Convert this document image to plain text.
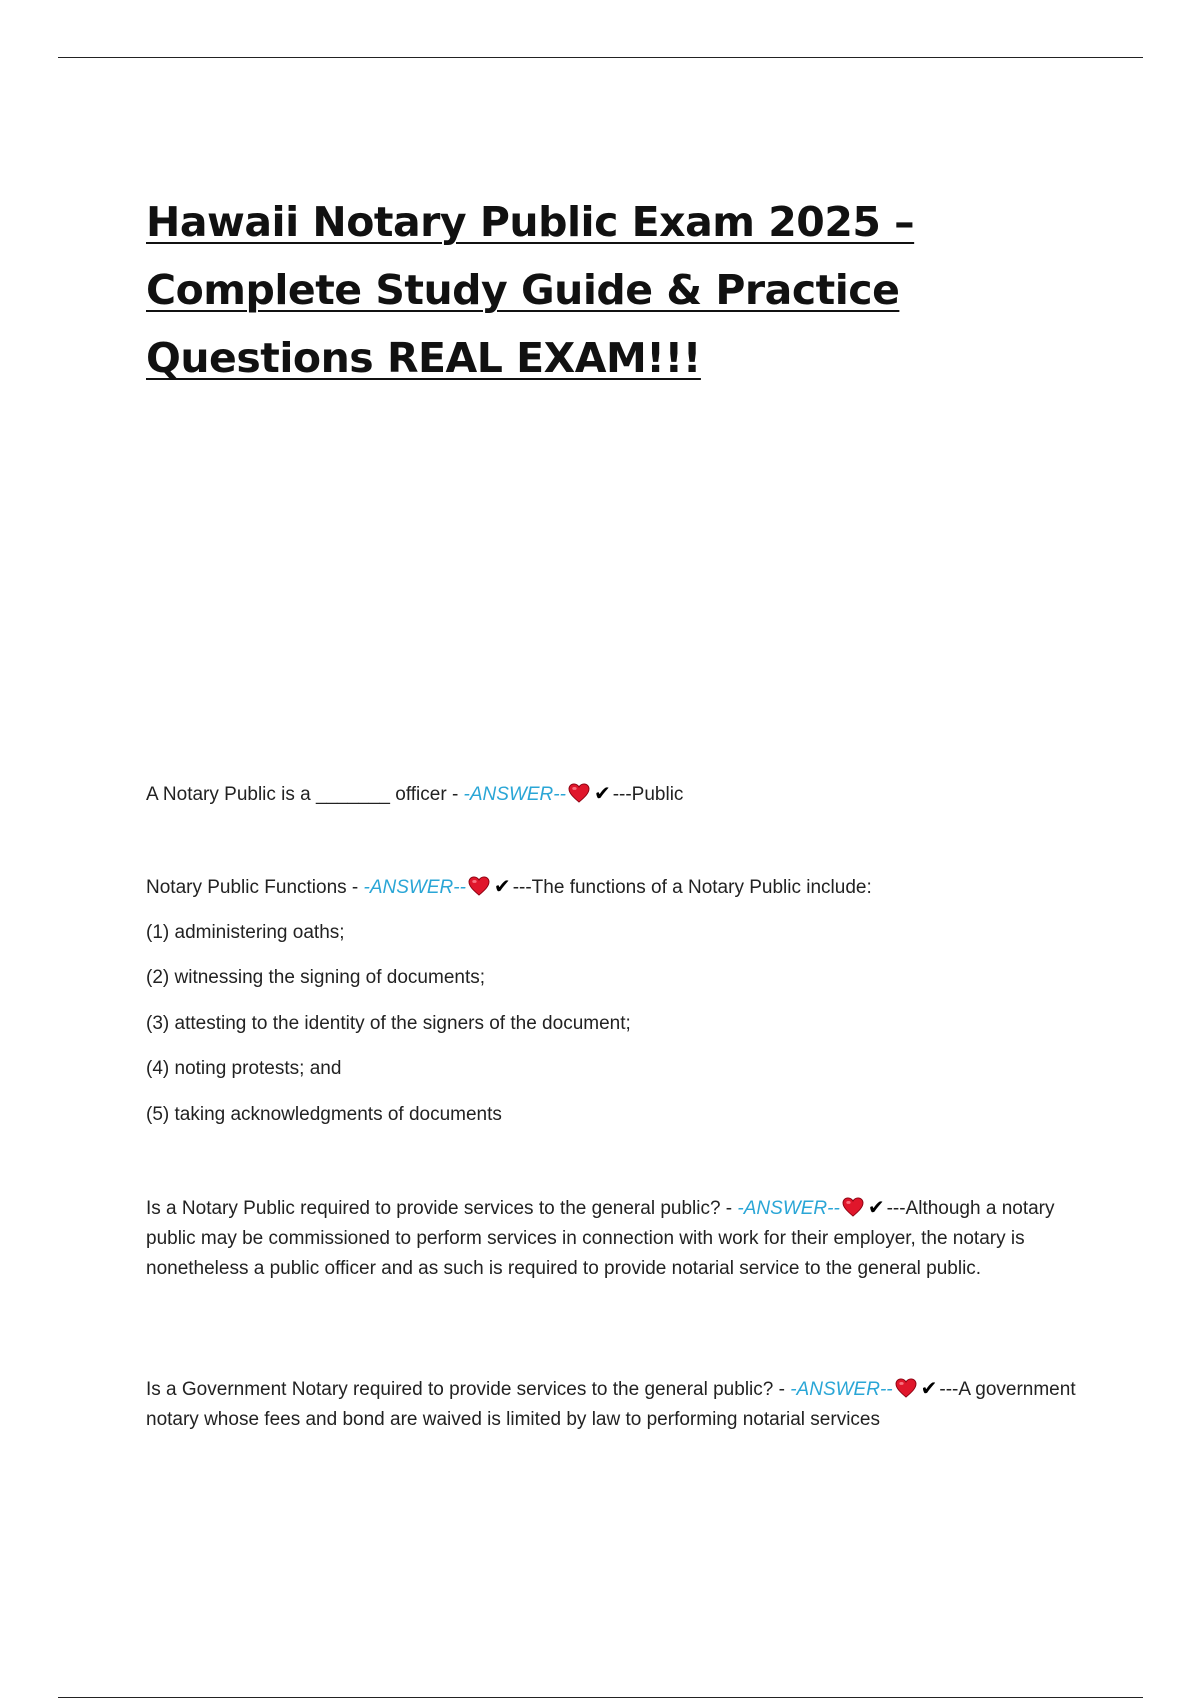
Hawaii Notary Public Exam 2025 –
Complete Study Guide & Practice
Questions REAL EXAM!!!

A Notary Public is a _______ officer - -ANSWER-- ✔ ---Public

Notary Public Functions - -ANSWER-- ✔ ---The functions of a Notary Public include:

(1) administering oaths;
(2) witnessing the signing of documents;
(3) attesting to the identity of the signers of the document;
(4) noting protests; and
(5) taking acknowledgments of documents

Is a Notary Public required to provide services to the general public? - -ANSWER-- ✔ ---Although a notary public may be commissioned to perform services in connection with work for their employer, the notary is nonetheless a public officer and as such is required to provide notarial service to the general public.

Is a Government Notary required to provide services to the general public? - -ANSWER-- ✔ ---A government notary whose fees and bond are waived is limited by law to performing notarial services
